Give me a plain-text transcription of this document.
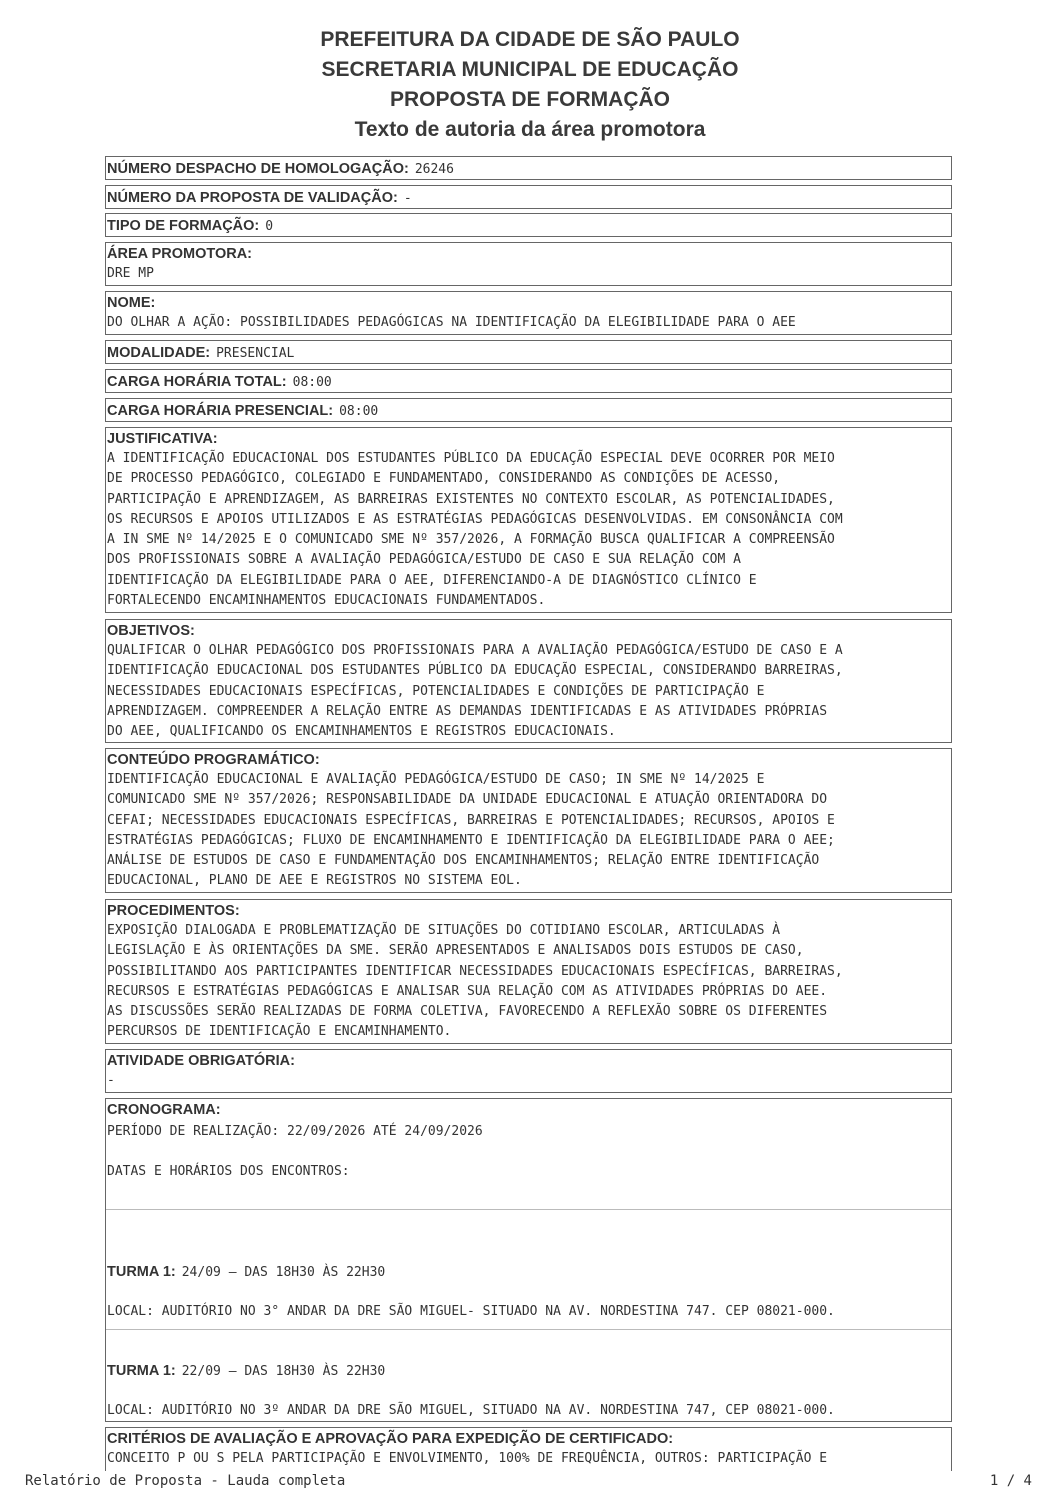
PREFEITURA DA CIDADE DE SÃO PAULO
SECRETARIA MUNICIPAL DE EDUCAÇÃO
PROPOSTA DE FORMAÇÃO
Texto de autoria da área promotora
NÚMERO DESPACHO DE HOMOLOGAÇÃO: 26246
NÚMERO DA PROPOSTA DE VALIDAÇÃO: -
TIPO DE FORMAÇÃO: 0
ÁREA PROMOTORA:
DRE MP
NOME:
DO OLHAR A AÇÃO: POSSIBILIDADES PEDAGÓGICAS NA IDENTIFICAÇÃO DA ELEGIBILIDADE PARA O AEE
MODALIDADE: PRESENCIAL
CARGA HORÁRIA TOTAL: 08:00
CARGA HORÁRIA PRESENCIAL: 08:00
JUSTIFICATIVA:
A IDENTIFICAÇÃO EDUCACIONAL DOS ESTUDANTES PÚBLICO DA EDUCAÇÃO ESPECIAL DEVE OCORRER POR MEIO
DE PROCESSO PEDAGÓGICO, COLEGIADO E FUNDAMENTADO, CONSIDERANDO AS CONDIÇÕES DE ACESSO,
PARTICIPAÇÃO E APRENDIZAGEM, AS BARREIRAS EXISTENTES NO CONTEXTO ESCOLAR, AS POTENCIALIDADES,
OS RECURSOS E APOIOS UTILIZADOS E AS ESTRATÉGIAS PEDAGÓGICAS DESENVOLVIDAS. EM CONSONÂNCIA COM
A IN SME Nº 14/2025 E O COMUNICADO SME Nº 357/2026, A FORMAÇÃO BUSCA QUALIFICAR A COMPREENSÃO
DOS PROFISSIONAIS SOBRE A AVALIAÇÃO PEDAGÓGICA/ESTUDO DE CASO E SUA RELAÇÃO COM A
IDENTIFICAÇÃO DA ELEGIBILIDADE PARA O AEE, DIFERENCIANDO-A DE DIAGNÓSTICO CLÍNICO E
FORTALECENDO ENCAMINHAMENTOS EDUCACIONAIS FUNDAMENTADOS.
OBJETIVOS:
QUALIFICAR O OLHAR PEDAGÓGICO DOS PROFISSIONAIS PARA A AVALIAÇÃO PEDAGÓGICA/ESTUDO DE CASO E A
IDENTIFICAÇÃO EDUCACIONAL DOS ESTUDANTES PÚBLICO DA EDUCAÇÃO ESPECIAL, CONSIDERANDO BARREIRAS,
NECESSIDADES EDUCACIONAIS ESPECÍFICAS, POTENCIALIDADES E CONDIÇÕES DE PARTICIPAÇÃO E
APRENDIZAGEM. COMPREENDER A RELAÇÃO ENTRE AS DEMANDAS IDENTIFICADAS E AS ATIVIDADES PRÓPRIAS
DO AEE, QUALIFICANDO OS ENCAMINHAMENTOS E REGISTROS EDUCACIONAIS.
CONTEÚDO PROGRAMÁTICO:
IDENTIFICAÇÃO EDUCACIONAL E AVALIAÇÃO PEDAGÓGICA/ESTUDO DE CASO; IN SME Nº 14/2025 E
COMUNICADO SME Nº 357/2026; RESPONSABILIDADE DA UNIDADE EDUCACIONAL E ATUAÇÃO ORIENTADORA DO
CEFAI; NECESSIDADES EDUCACIONAIS ESPECÍFICAS, BARREIRAS E POTENCIALIDADES; RECURSOS, APOIOS E
ESTRATÉGIAS PEDAGÓGICAS; FLUXO DE ENCAMINHAMENTO E IDENTIFICAÇÃO DA ELEGIBILIDADE PARA O AEE;
ANÁLISE DE ESTUDOS DE CASO E FUNDAMENTAÇÃO DOS ENCAMINHAMENTOS; RELAÇÃO ENTRE IDENTIFICAÇÃO
EDUCACIONAL, PLANO DE AEE E REGISTROS NO SISTEMA EOL.
PROCEDIMENTOS:
EXPOSIÇÃO DIALOGADA E PROBLEMATIZAÇÃO DE SITUAÇÕES DO COTIDIANO ESCOLAR, ARTICULADAS À
LEGISLAÇÃO E ÀS ORIENTAÇÕES DA SME. SERÃO APRESENTADOS E ANALISADOS DOIS ESTUDOS DE CASO,
POSSIBILITANDO AOS PARTICIPANTES IDENTIFICAR NECESSIDADES EDUCACIONAIS ESPECÍFICAS, BARREIRAS,
RECURSOS E ESTRATÉGIAS PEDAGÓGICAS E ANALISAR SUA RELAÇÃO COM AS ATIVIDADES PRÓPRIAS DO AEE.
AS DISCUSSÕES SERÃO REALIZADAS DE FORMA COLETIVA, FAVORECENDO A REFLEXÃO SOBRE OS DIFERENTES
PERCURSOS DE IDENTIFICAÇÃO E ENCAMINHAMENTO.
ATIVIDADE OBRIGATÓRIA:
-
CRONOGRAMA:
PERÍODO DE REALIZAÇÃO: 22/09/2026 ATÉ 24/09/2026
DATAS E HORÁRIOS DOS ENCONTROS:
TURMA 1: 24/09 – DAS 18H30 ÀS 22H30
LOCAL: AUDITÓRIO NO 3° ANDAR DA DRE SÃO MIGUEL- SITUADO NA AV. NORDESTINA 747. CEP 08021-000.
TURMA 1: 22/09 – DAS 18H30 ÀS 22H30
LOCAL: AUDITÓRIO NO 3º ANDAR DA DRE SÃO MIGUEL, SITUADO NA AV. NORDESTINA 747, CEP 08021-000.
CRITÉRIOS DE AVALIAÇÃO E APROVAÇÃO PARA EXPEDIÇÃO DE CERTIFICADO:
CONCEITO P OU S PELA PARTICIPAÇÃO E ENVOLVIMENTO, 100% DE FREQUÊNCIA, OUTROS: PARTICIPAÇÃO E
Relatório de Proposta - Lauda completa	1 / 4
